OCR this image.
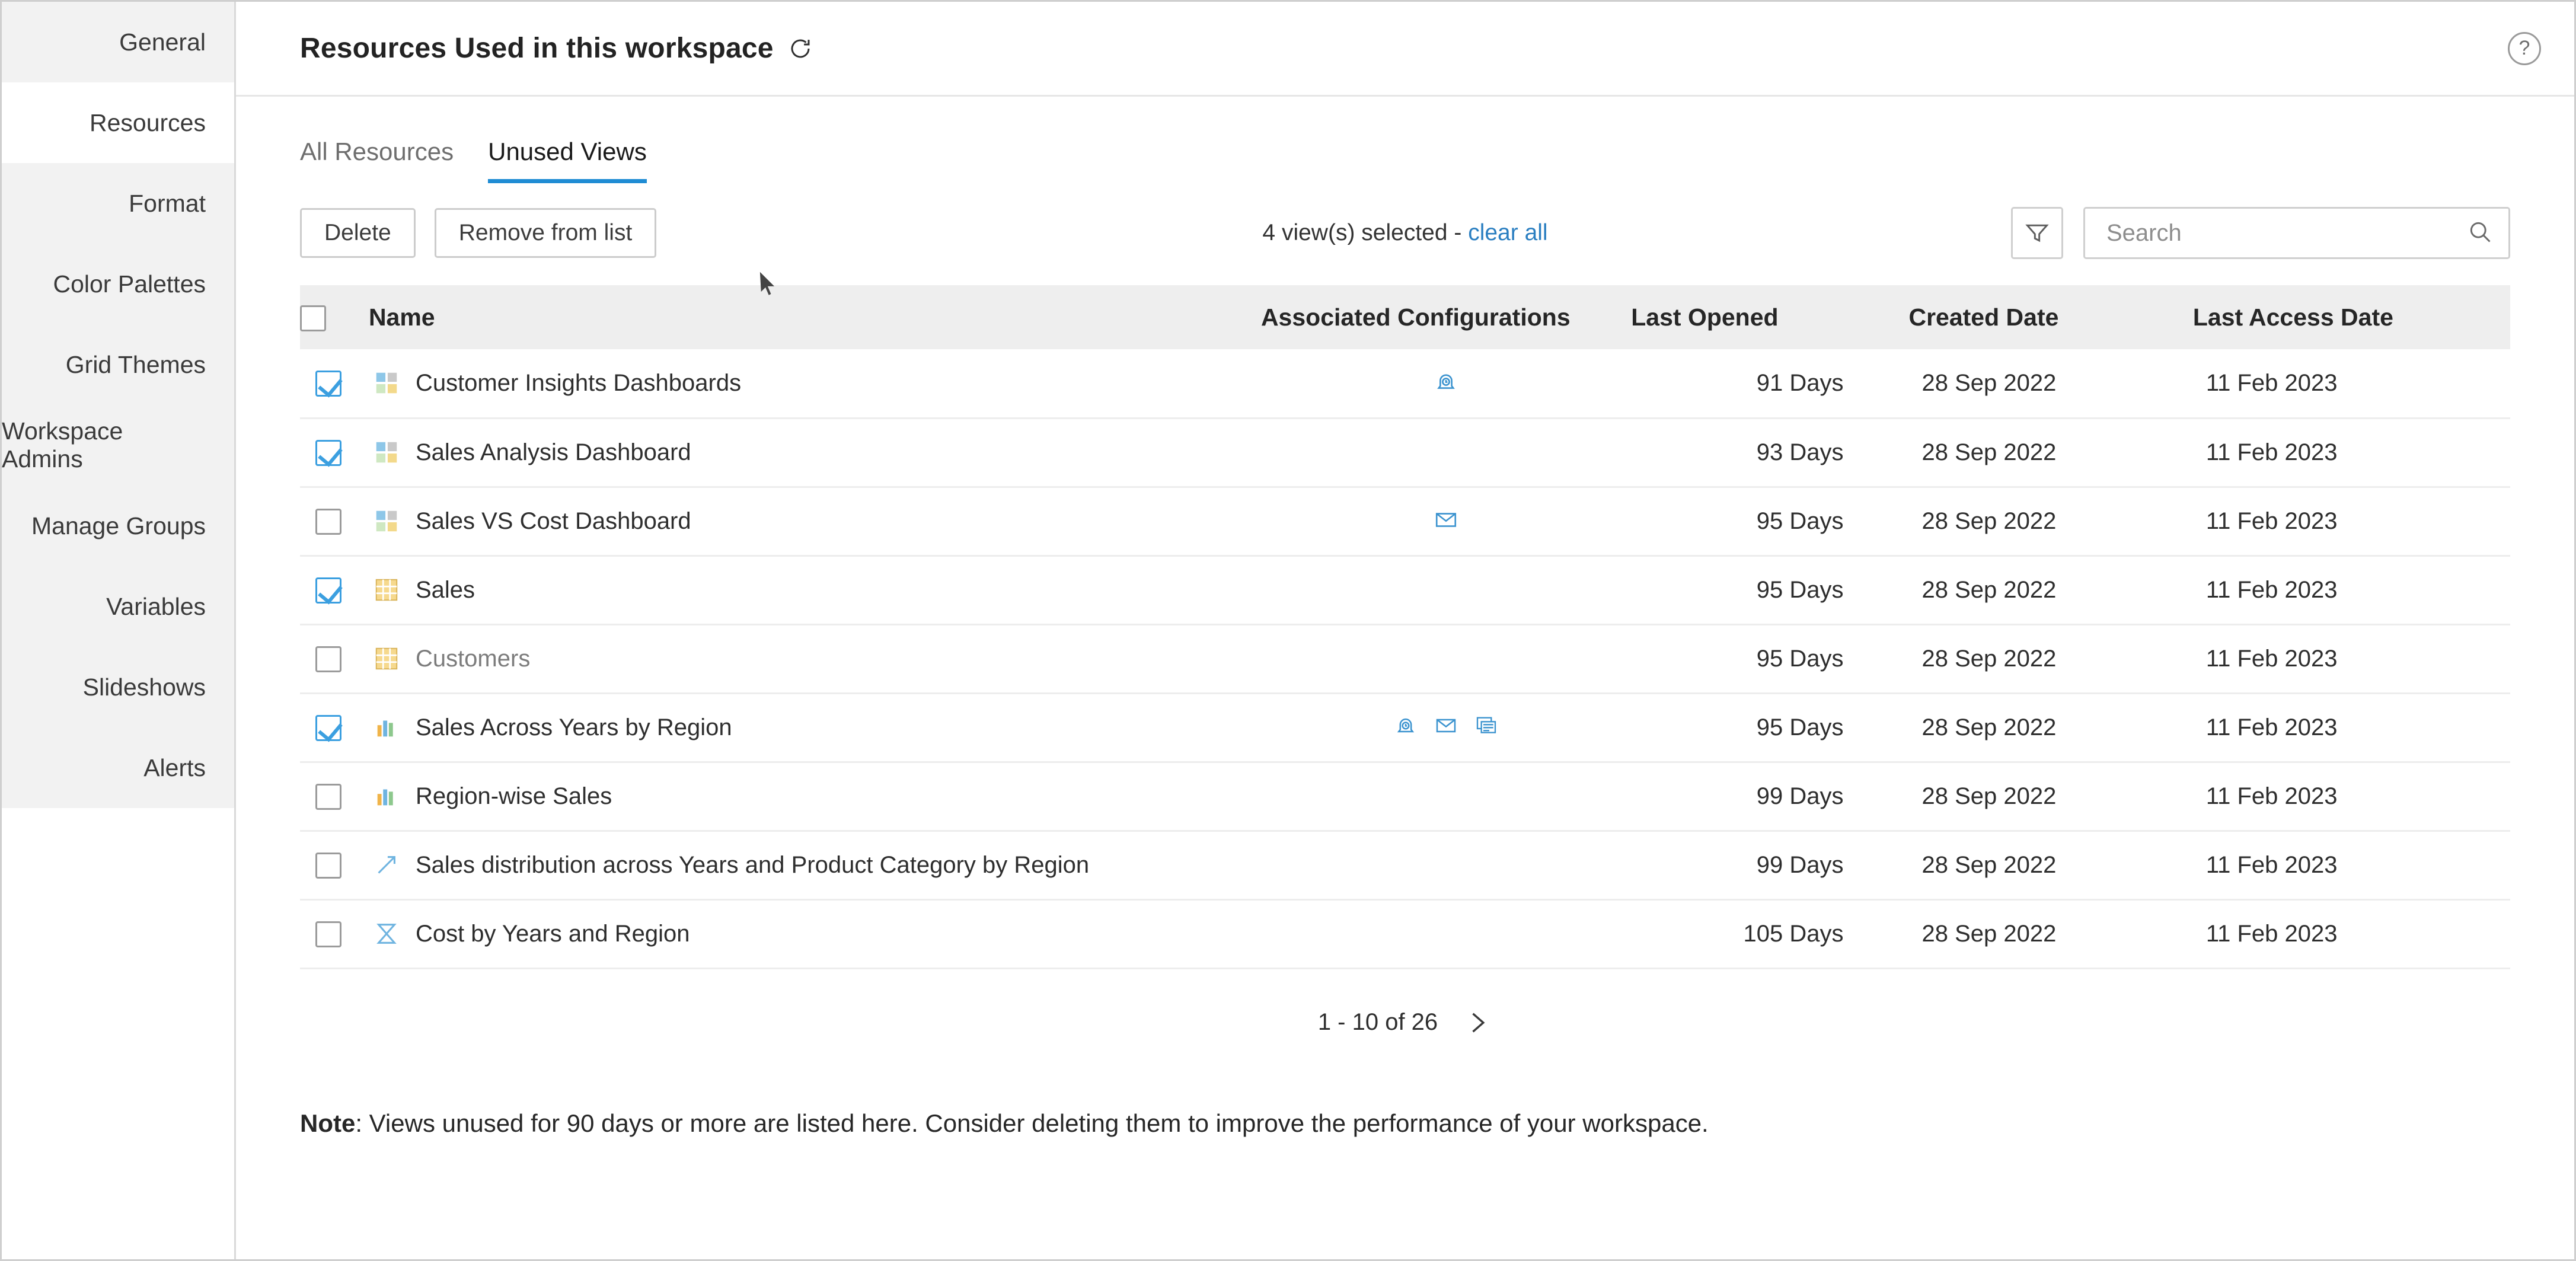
General
Resources
Format
Color Palettes
Grid Themes
Workspace Admins
Manage Groups
Variables
Slideshows
Alerts
Resources Used in this workspace	?
All Resources Unused Views
Delete	Remove from list	4 view(s) selected - clear all
Search
	Name	Associated Configurations	Last Opened	Created Date	Last Access Date

	Customer Insights Dashboards		91 Days	28 Sep 2022	11 Feb 2023

	Sales Analysis Dashboard		93 Days	28 Sep 2022	11 Feb 2023

	Sales VS Cost Dashboard		95 Days	28 Sep 2022	11 Feb 2023

	Sales		95 Days	28 Sep 2022	11 Feb 2023

	Customers		95 Days	28 Sep 2022	11 Feb 2023

	Sales Across Years by Region		95 Days	28 Sep 2022	11 Feb 2023

	Region-wise Sales		99 Days	28 Sep 2022	11 Feb 2023

	Sales distribution across Years and Product Category by Region		99 Days	28 Sep 2022	11 Feb 2023

	Cost by Years and Region		105 Days	28 Sep 2022	11 Feb 2023
1 - 10 of 26
Note: Views unused for 90 days or more are listed here. Consider deleting them to improve the performance of your workspace.
